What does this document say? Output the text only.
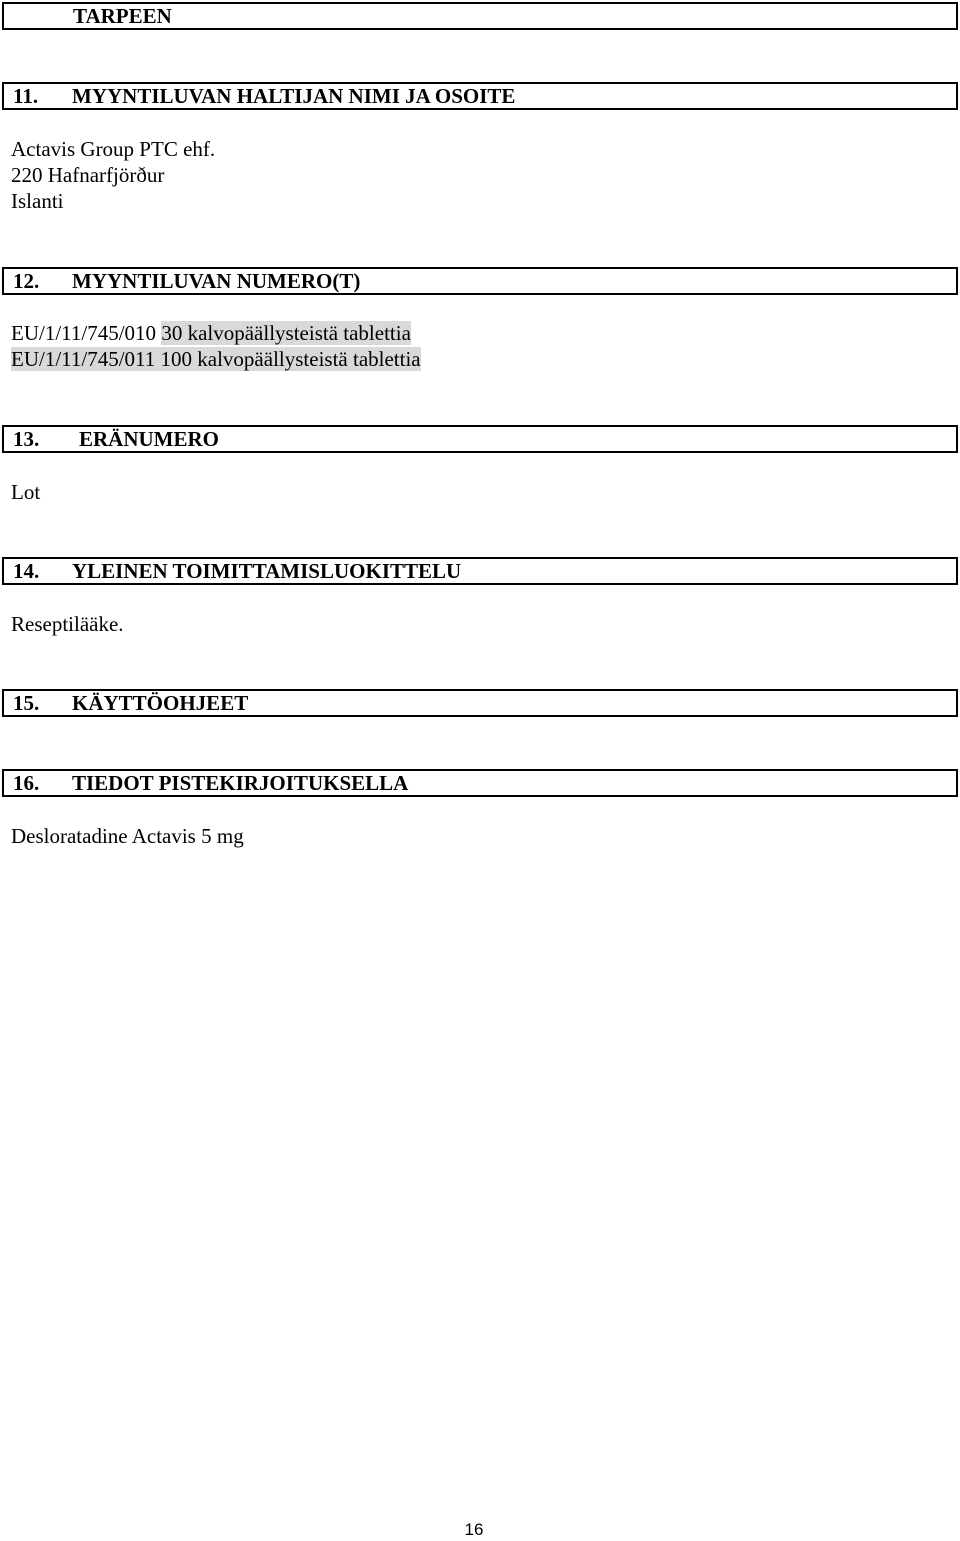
TARPEEN
11. MYYNTILUVAN HALTIJAN NIMI JA OSOITE
Actavis Group PTC ehf.
220 Hafnarfjörður
Islanti
12. MYYNTILUVAN NUMERO(T)
EU/1/11/745/010 30 kalvopäällysteistä tablettia
EU/1/11/745/011 100 kalvopäällysteistä tablettia
13. ERÄNUMERO
Lot
14. YLEINEN TOIMITTAMISLUOKITTELU
Reseptilääke.
15. KÄYTTÖOHJEET
16. TIEDOT PISTEKIRJOITUKSELLA
Desloratadine Actavis 5 mg
16
